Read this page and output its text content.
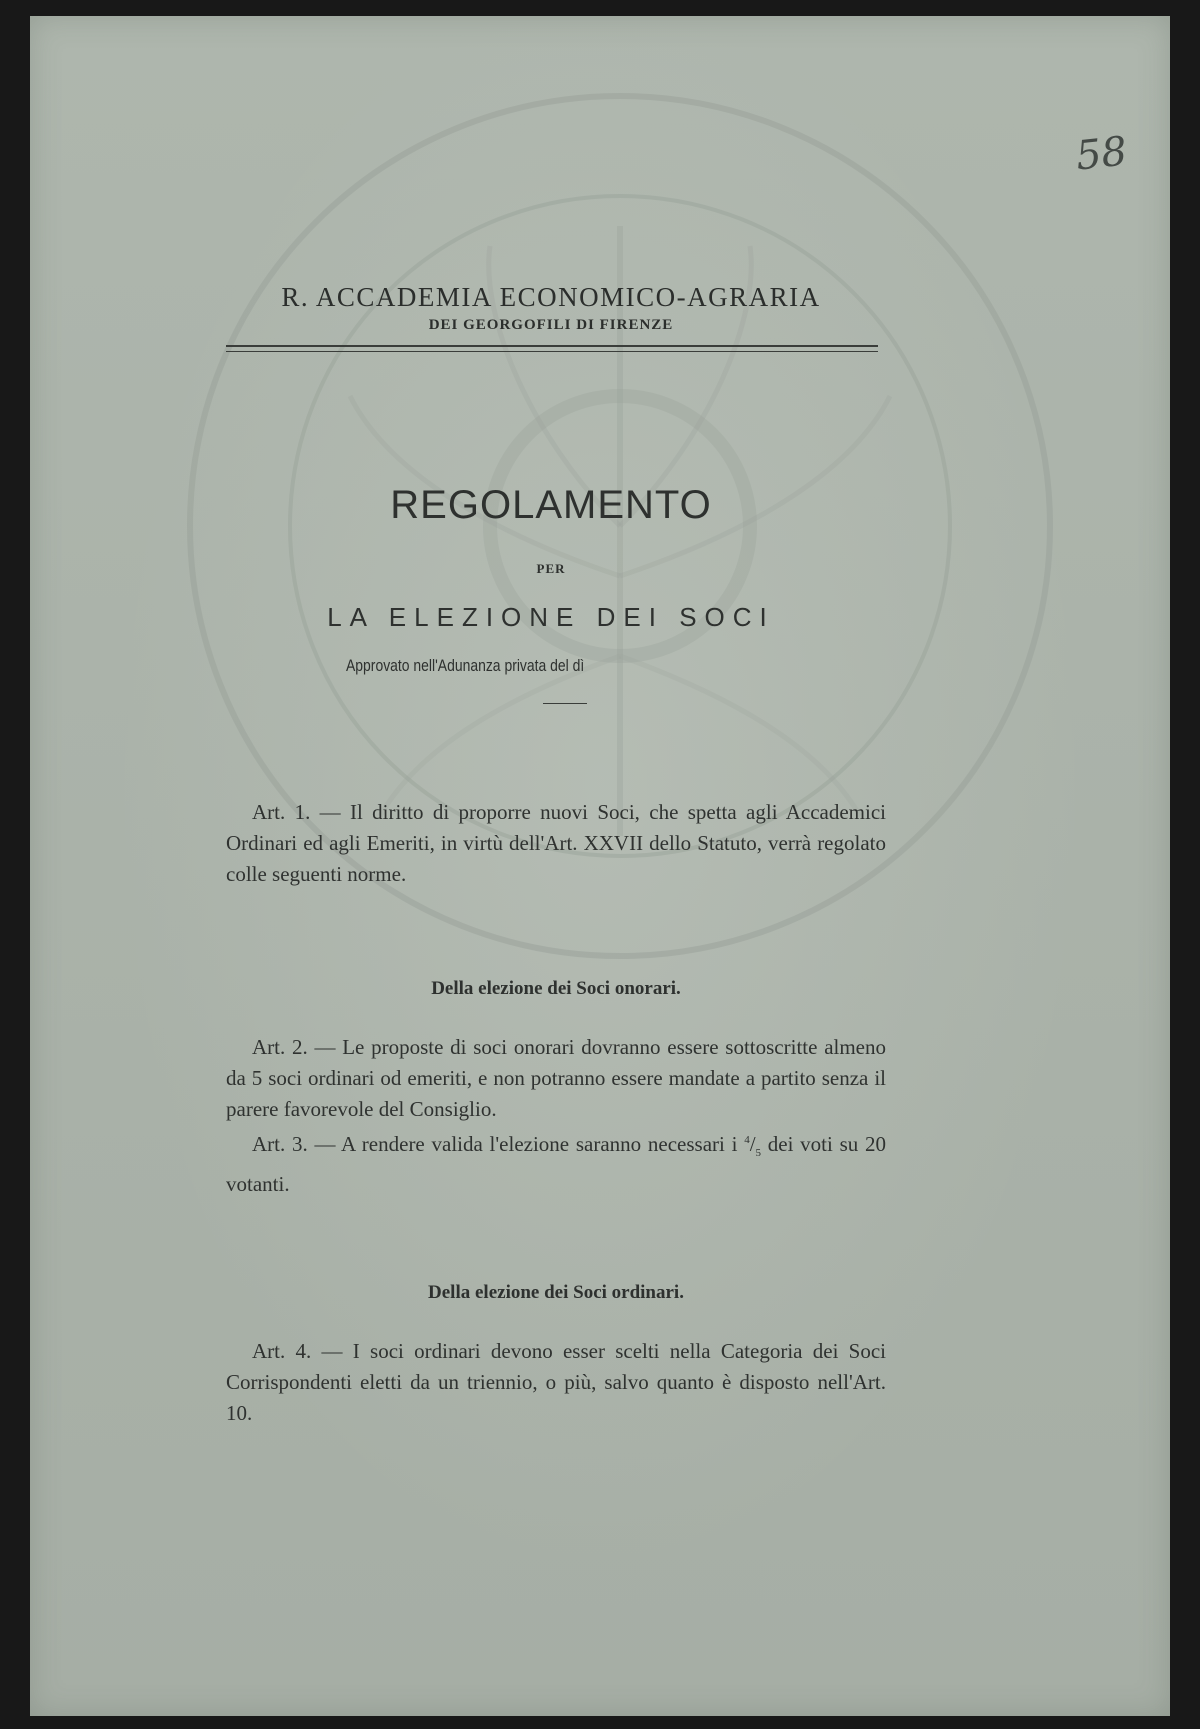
58
R. ACCADEMIA ECONOMICO-AGRARIA
DEI GEORGOFILI DI FIRENZE
REGOLAMENTO
PER
LA ELEZIONE DEI SOCI
Approvato nell'Adunanza privata del dì

Art. 1. — Il diritto di proporre nuovi Soci, che spetta agli Accademici Ordinari ed agli Emeriti, in virtù dell'Art. XXVII dello Statuto, verrà regolato colle seguenti norme.

Della elezione dei Soci onorari.

Art. 2. — Le proposte di soci onorari dovranno essere sottoscritte almeno da 5 soci ordinari od emeriti, e non potranno essere mandate a partito senza il parere favorevole del Consiglio.

Art. 3. — A rendere valida l'elezione saranno necessari i $^4/_5$ dei voti su 20 votanti.

Della elezione dei Soci ordinari.

Art. 4. — I soci ordinari devono esser scelti nella Categoria dei Soci Corrispondenti eletti da un triennio, o più, salvo quanto è disposto nell'Art. 10.
